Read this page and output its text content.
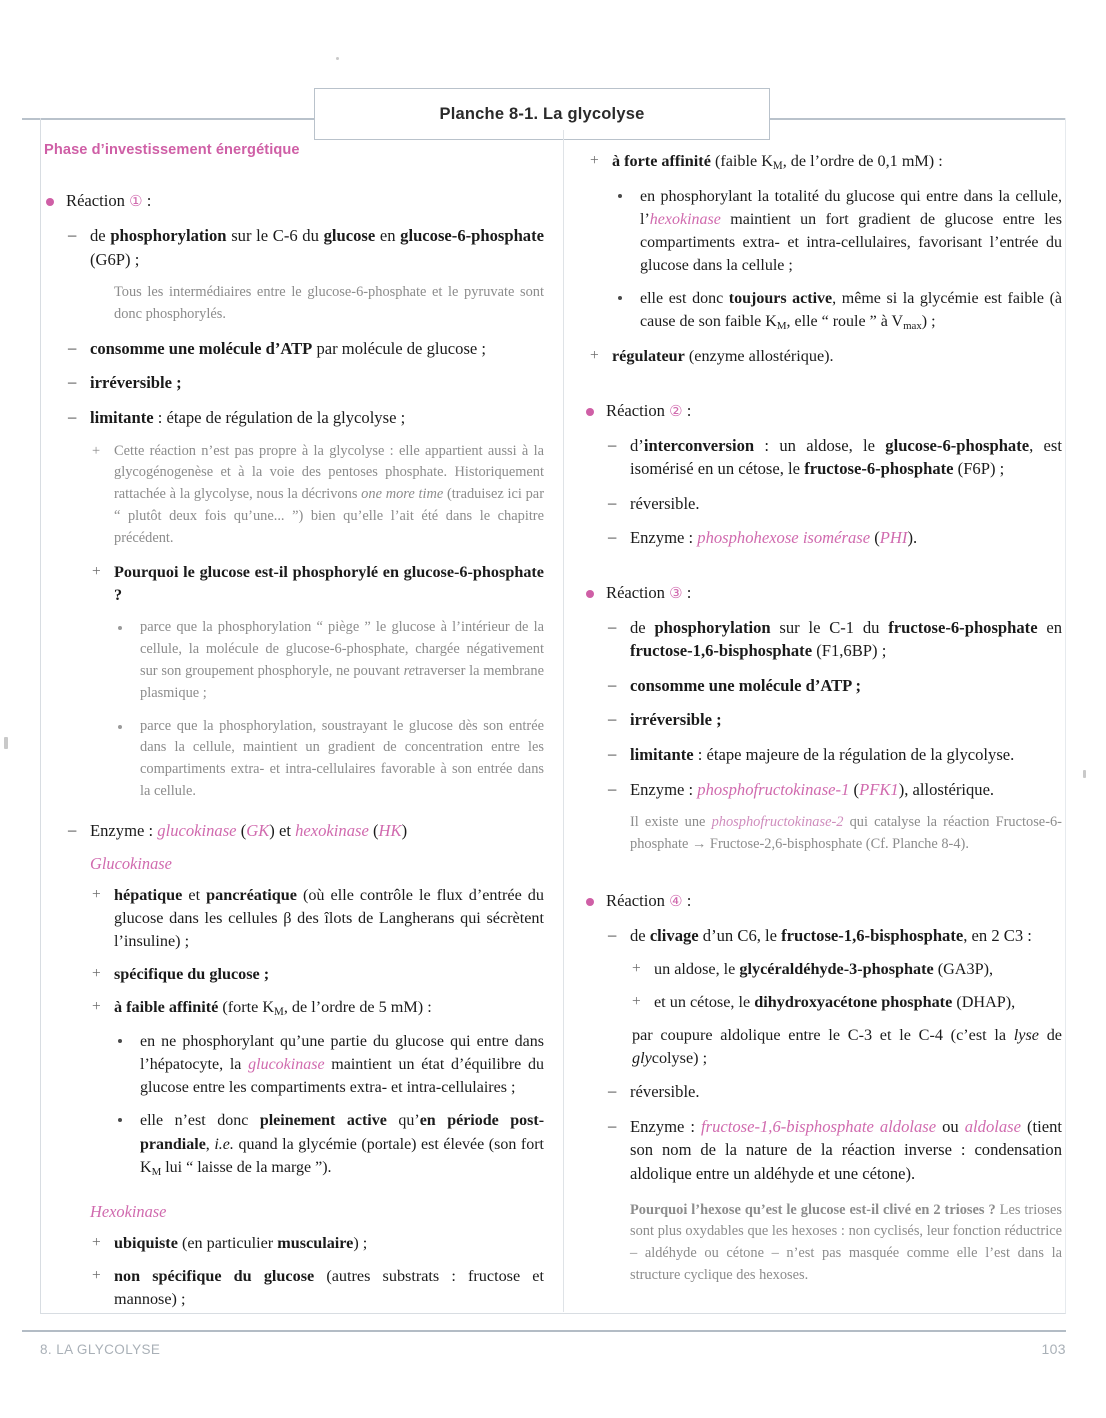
Planche 8-1. La glycolyse
Phase d’investissement énergétique

Réaction ① :

– de phosphorylation sur le C-6 du glucose en glucose-6-phosphate (G6P) ;

Tous les intermédiaires entre le glucose-6-phosphate et le pyruvate sont donc phosphorylés.

– consomme une molécule d’ATP par molécule de glucose ;

– irréversible ;

– limitante : étape de régulation de la glycolyse ;

+ Cette réaction n’est pas propre à la glycolyse : elle appartient aussi à la glycogénogenèse et à la voie des pentoses phosphate. Historiquement rattachée à la glycolyse, nous la décrivons one more time (traduisez ici par “ plutôt deux fois qu’une... ”) bien qu’elle l’ait été dans le chapitre précédent.

+ Pourquoi le glucose est-il phosphorylé en glucose-6-phosphate ?

parce que la phosphorylation “ piège ” le glucose à l’intérieur de la cellule, la molécule de glucose-6-phosphate, chargée négativement sur son groupement phosphoryle, ne pouvant retraverser la membrane plasmique ;

parce que la phosphorylation, soustrayant le glucose dès son entrée dans la cellule, maintient un gradient de concentration entre les compartiments extra- et intra-cellulaires favorable à son entrée dans la cellule.

– Enzyme : glucokinase (GK) et hexokinase (HK)

Glucokinase

+ hépatique et pancréatique (où elle contrôle le flux d’entrée du glucose dans les cellules β des îlots de Langherans qui sécrètent l’insuline) ;

+ spécifique du glucose ;

+ à faible affinité (forte $K_M$, de l’ordre de 5 mM) :

en ne phosphorylant qu’une partie du glucose qui entre dans l’hépatocyte, la glucokinase maintient un état d’équilibre du glucose entre les compartiments extra- et intra-cellulaires ;

elle n’est donc pleinement active qu’en période post-prandiale, i.e. quand la glycémie (portale) est élevée (son fort $K_M$ lui “ laisse de la marge ”).

Hexokinase

+ ubiquiste (en particulier musculaire) ;

+ non spécifique du glucose (autres substrats : fructose et mannose) ;

+ à forte affinité (faible $K_M$, de l’ordre de 0,1 mM) :

en phosphorylant la totalité du glucose qui entre dans la cellule, l’hexokinase maintient un fort gradient de glucose entre les compartiments extra- et intra-cellulaires, favorisant l’entrée du glucose dans la cellule ;

elle est donc toujours active, même si la glycémie est faible (à cause de son faible $K_M$, elle “ roule ” à $V_{max}$) ;

+ régulateur (enzyme allostérique).

Réaction ② :

– d’interconversion : un aldose, le glucose-6-phosphate, est isomérisé en un cétose, le fructose-6-phosphate (F6P) ;

– réversible.

– Enzyme : phosphohexose isomérase (PHI).

Réaction ③ :

– de phosphorylation sur le C-1 du fructose-6-phosphate en fructose-1,6-bisphosphate (F1,6BP) ;

– consomme une molécule d’ATP ;

– irréversible ;

– limitante : étape majeure de la régulation de la glycolyse.

– Enzyme : phosphofructokinase-1 (PFK1), allostérique.

Il existe une phosphofructokinase-2 qui catalyse la réaction Fructose-6-phosphate → Fructose-2,6-bisphosphate (Cf. Planche 8-4).

Réaction ④ :

– de clivage d’un C6, le fructose-1,6-bisphosphate, en 2 C3 :

+ un aldose, le glycéraldéhyde-3-phosphate (GA3P),

+ et un cétose, le dihydroxyacétone phosphate (DHAP),

par coupure aldolique entre le C-3 et le C-4 (c’est la lyse de glycolyse) ;

– réversible.

– Enzyme : fructose-1,6-bisphosphate aldolase ou aldolase (tient son nom de la nature de la réaction inverse : condensation aldolique entre un aldéhyde et une cétone).

Pourquoi l’hexose qu’est le glucose est-il clivé en 2 trioses ? Les trioses sont plus oxydables que les hexoses : non cyclisés, leur fonction réductrice – aldéhyde ou cétone – n’est pas masquée comme elle l’est dans la structure cyclique des hexoses.

8. LA GLYCOLYSE	103
